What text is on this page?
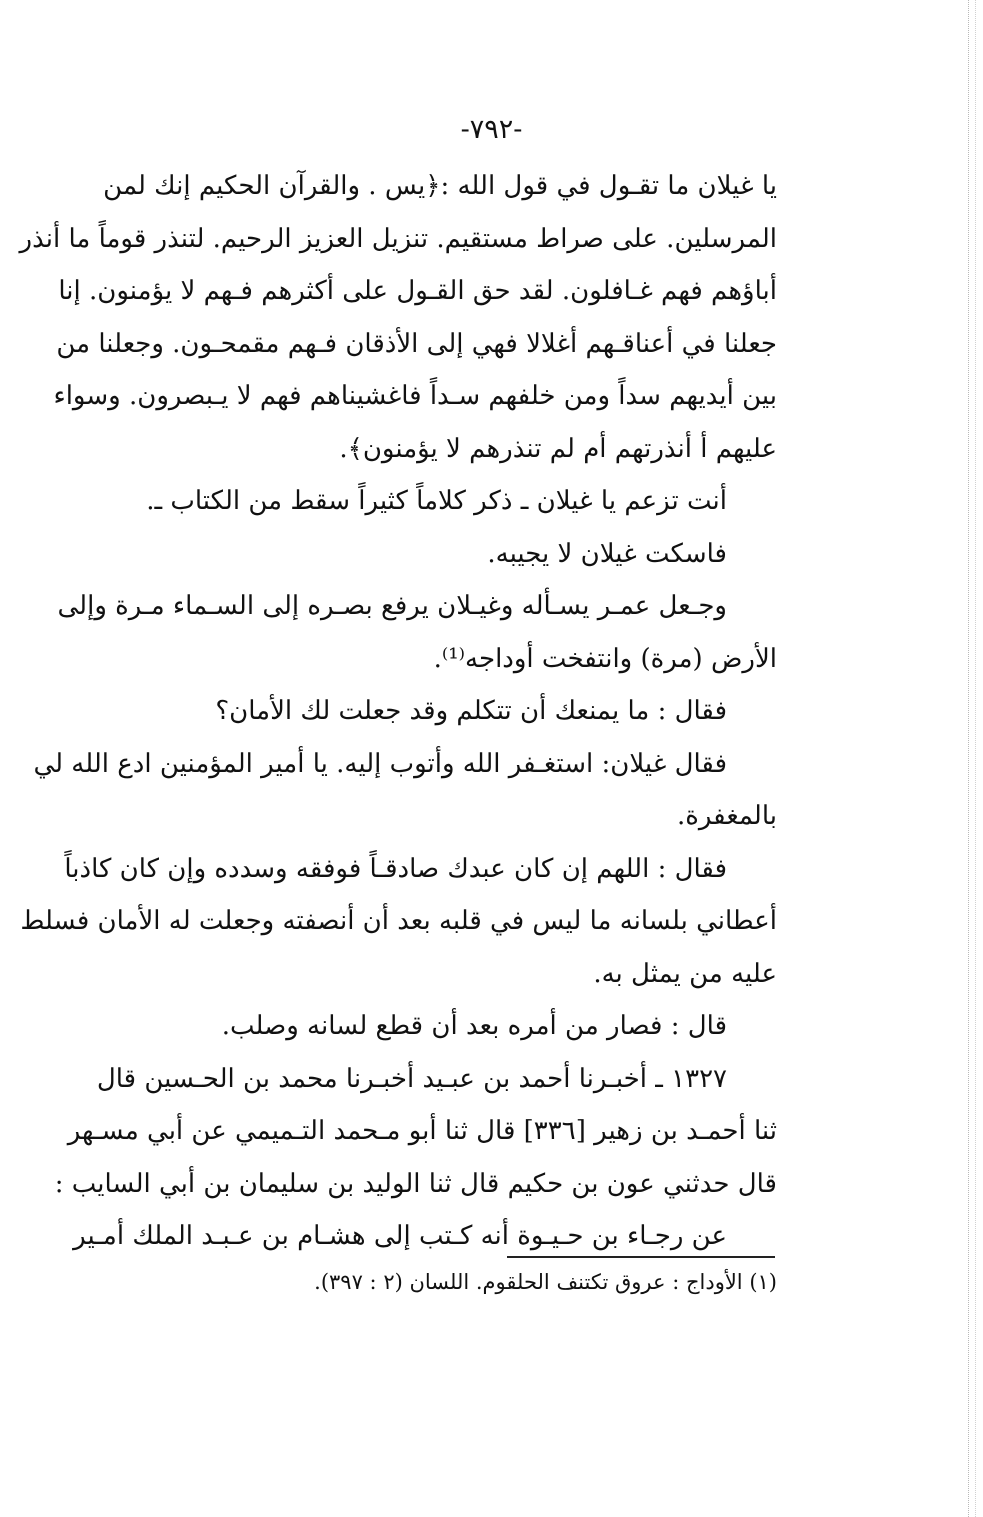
-٧٩٢-
يا غيلان ما تقـول في قول الله :﴿يس . والقرآن الحكيم إنك لمن
المرسلين. على صراط مستقيم. تنزيل العزيز الرحيم. لتنذر قوماً ما أنذر
أباؤهم فهم غـافلون. لقد حق القـول على أكثرهم فـهم لا يؤمنون. إنا
جعلنا في أعناقـهم أغلالا فهي إلى الأذقان فـهم مقمحـون. وجعلنا من
بين أيديهم سداً ومن خلفهم سـداً فاغشيناهم فهم لا يـبصرون. وسواء
عليهم أ أنذرتهم أم لم تنذرهم لا يؤمنون﴾.
أنت تزعم يا غيلان ـ ذكر كلاماً كثيراً سقط من الكتاب ـ.
فاسكت غيلان لا يجيبه.
وجـعل عمـر يسـأله وغيـلان يرفع بصـره إلى السـماء مـرة وإلى
الأرض (مرة) وانتفخت أوداجه⁽¹⁾.
فقال : ما يمنعك أن تتكلم وقد جعلت لك الأمان؟
فقال غيلان: استغـفر الله وأتوب إليه. يا أمير المؤمنين ادع الله لي
بالمغفرة.
فقال : اللهم إن كان عبدك صادقـاً فوفقه وسدده وإن كان كاذباً
أعطاني بلسانه ما ليس في قلبه بعد أن أنصفته وجعلت له الأمان فسلط
عليه من يمثل به.
قال : فصار من أمره بعد أن قطع لسانه وصلب.
١٣٢٧ ـ أخبـرنا أحمد بن عبـيد أخبـرنا محمد بن الحـسين قال
ثنا أحمـد بن زهير [٣٣٦] قال ثنا أبو مـحمد التـميمي عن أبي مسـهر
قال حدثني عون بن حكيم قال ثنا الوليد بن سليمان بن أبي السايب :
عن رجـاء بن حـيـوة أنه كـتب إلى هشـام بن عـبـد الملك أمـير
(١) الأوداج : عروق تكتنف الحلقوم. اللسان (٢ : ٣٩٧).
